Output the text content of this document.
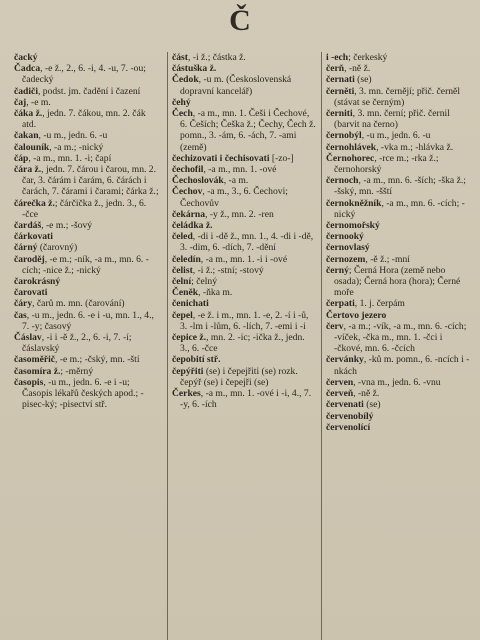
Č

čacký

Čadca, -e ž., 2., 6. -i, 4. -u, 7. -ou; čadecký

čadiči, podst. jm. čadění i čazení

čaj, -e m.

čáka ž., jedn. 7. čákou, mn. 2. čák atd.

čakan, -u m., jedn. 6. -u

čalouník, -a m.; -nický

čáp, -a m., mn. 1. -i; čapí

čára ž., jedn. 7. čárou i čarou, mn. 2. čar, 3. čárám i čarám, 6. čárách i čarách, 7. čárami i čarami; čárka ž.;

čárečka ž.; čárčička ž., jedn. 3., 6. -čce

čardáš, -e m.; -šový

čárkovati

čárný (čarovný)

čaroděj, -e m.; -ník, -a m., mn. 6. -cích; -nice ž.; -nický

čarokrásný

čarovati

čáry, čarů m. mn. (čarování)

čas, -u m., jedn. 6. -e i -u, mn. 1., 4., 7. -y; časový

Čáslav, -i i -ě ž., 2., 6. -i, 7. -í; čáslavský

časoměřič, -e m.; -čský, mn. -ští

časomíra ž.; -měrný

časopis, -u m., jedn. 6. -e i -u; Časopis lékařů českých apod.; -pisec-ký; -pisectví stř.

část, -i ž.; částka ž.

částuška ž.

Čedok, -u m. (Československá dopravní kancelář)

čehý

Čech, -a m., mn. 1. Češi i Čechové, 6. Češích; Češka ž.; Čechy, Čech ž. pomn., 3. -ám, 6. -ách, 7. -ami (země)

čechizovati i čechisovati [-zo-]

čechofil, -a m., mn. 1. -ové

Čechoslovák, -a m.

Čechov, -a m., 3., 6. Čechovi; Čechovův

čekárna, -y ž., mn. 2. -ren

čeládka ž.

čeled, -di i -dě ž., mn. 1., 4. -di i -dě, 3. -dim, 6. -dích, 7. -dění

čeledín, -a m., mn. 1. -i i -ové

čelist, -i ž.; -stní; -stový

čelní; čelný

Čeněk, -ňka m.

čenichati

čepel, -e ž. i m., mn. 1. -e, 2. -í i -ů, 3. -lm i -lům, 6. -lích, 7. -emi i -i

čepice ž., mn. 2. -ic; -ička ž., jedn. 3., 6. -čce

čepobití stř.

čepýřiti (se) i čepejřiti (se) rozk. čepýř (se) i čepejři (se)

Čerkes, -a m., mn. 1. -ové i -i, 4., 7. -y, 6. -ích

i -ech; čerkeský

čerň, -ně ž.

černati (se)

černěti, 3. mn. černějí; přič. černěl (stávat se černým)

černiti, 3. mn. černí; přič. černil (barvit na černo)

černobýl, -u m., jedn. 6. -u

černohlávek, -vka m.; -hlávka ž.

Černohorec, -rce m.; -rka ž.; černohorský

černoch, -a m., mn. 6. -ších; -ška ž.; -šský, mn. -šští

černokněžník, -a m., mn. 6. -cích; -nický

černomořský

černooký

černovlasý

černozem, -ě ž.; -mní

černý; Černá Hora (země nebo osada); Černá hora (hora); Černé moře

čerpati, 1. j. čerpám

Čertovo jezero

červ, -a m.; -vík, -a m., mn. 6. -cích; -víček, -čka m., mn. 1. -čci i -čkové, mn. 6. -čcích

červánky, -ků m. pomn., 6. -ncích i -nkách

červen, -vna m., jedn. 6. -vnu

červeň, -ně ž.

červenati (se)

červenobílý

červenolící
